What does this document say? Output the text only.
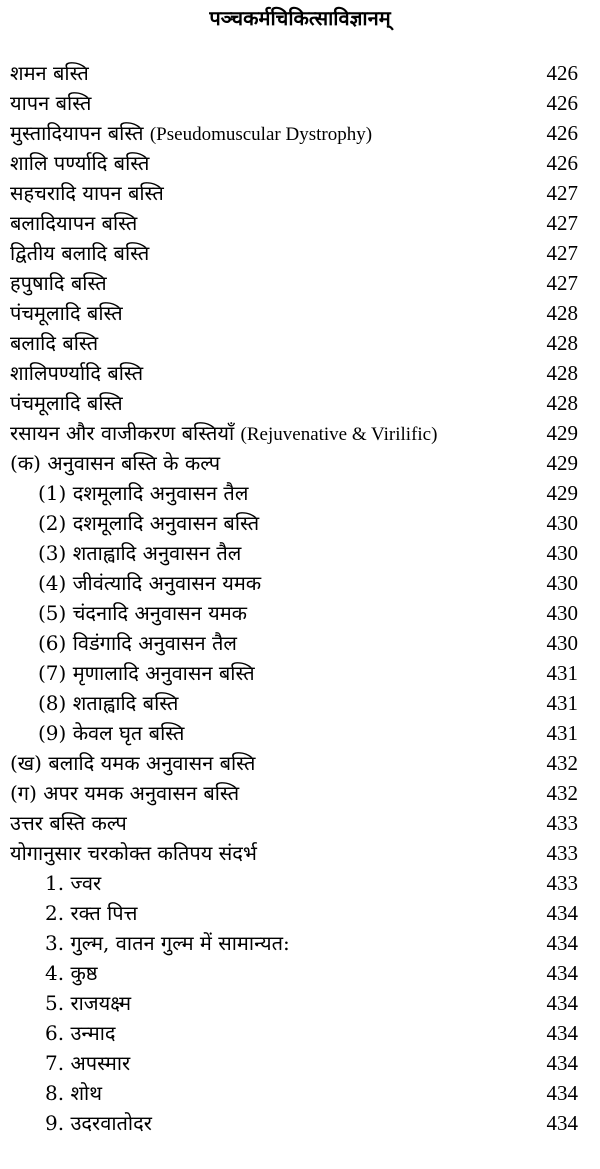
पञ्चकर्मचिकित्साविज्ञानम्
शमन बस्ति	426
यापन बस्ति	426
मुस्तादियापन बस्ति (Pseudomuscular Dystrophy)	426
शालि पर्ण्यादि बस्ति	426
सहचरादि यापन बस्ति	427
बलादियापन बस्ति	427
द्वितीय बलादि बस्ति	427
हपुषादि बस्ति	427
पंचमूलादि बस्ति	428
बलादि बस्ति	428
शालिपर्ण्यादि बस्ति	428
पंचमूलादि बस्ति	428
रसायन और वाजीकरण बस्तियाँ (Rejuvenative & Virilific)	429
(क) अनुवासन बस्ति के कल्प	429
(1) दशमूलादि अनुवासन तैल	429
(2) दशमूलादि अनुवासन बस्ति	430
(3) शताह्वादि अनुवासन तैल	430
(4) जीवंत्यादि अनुवासन यमक	430
(5) चंदनादि अनुवासन यमक	430
(6) विडंगादि अनुवासन तैल	430
(7) मृणालादि अनुवासन बस्ति	431
(8) शताह्वादि बस्ति	431
(9) केवल घृत बस्ति	431
(ख) बलादि यमक अनुवासन बस्ति	432
(ग) अपर यमक अनुवासन बस्ति	432
उत्तर बस्ति कल्प	433
योगानुसार चरकोक्त कतिपय संदर्भ	433
1. ज्वर	433
2. रक्त पित्त	434
3. गुल्म, वातन गुल्म में सामान्यत:	434
4. कुष्ठ	434
5. राजयक्ष्म	434
6. उन्माद	434
7. अपस्मार	434
8. शोथ	434
9. उदरवातोदर	434
